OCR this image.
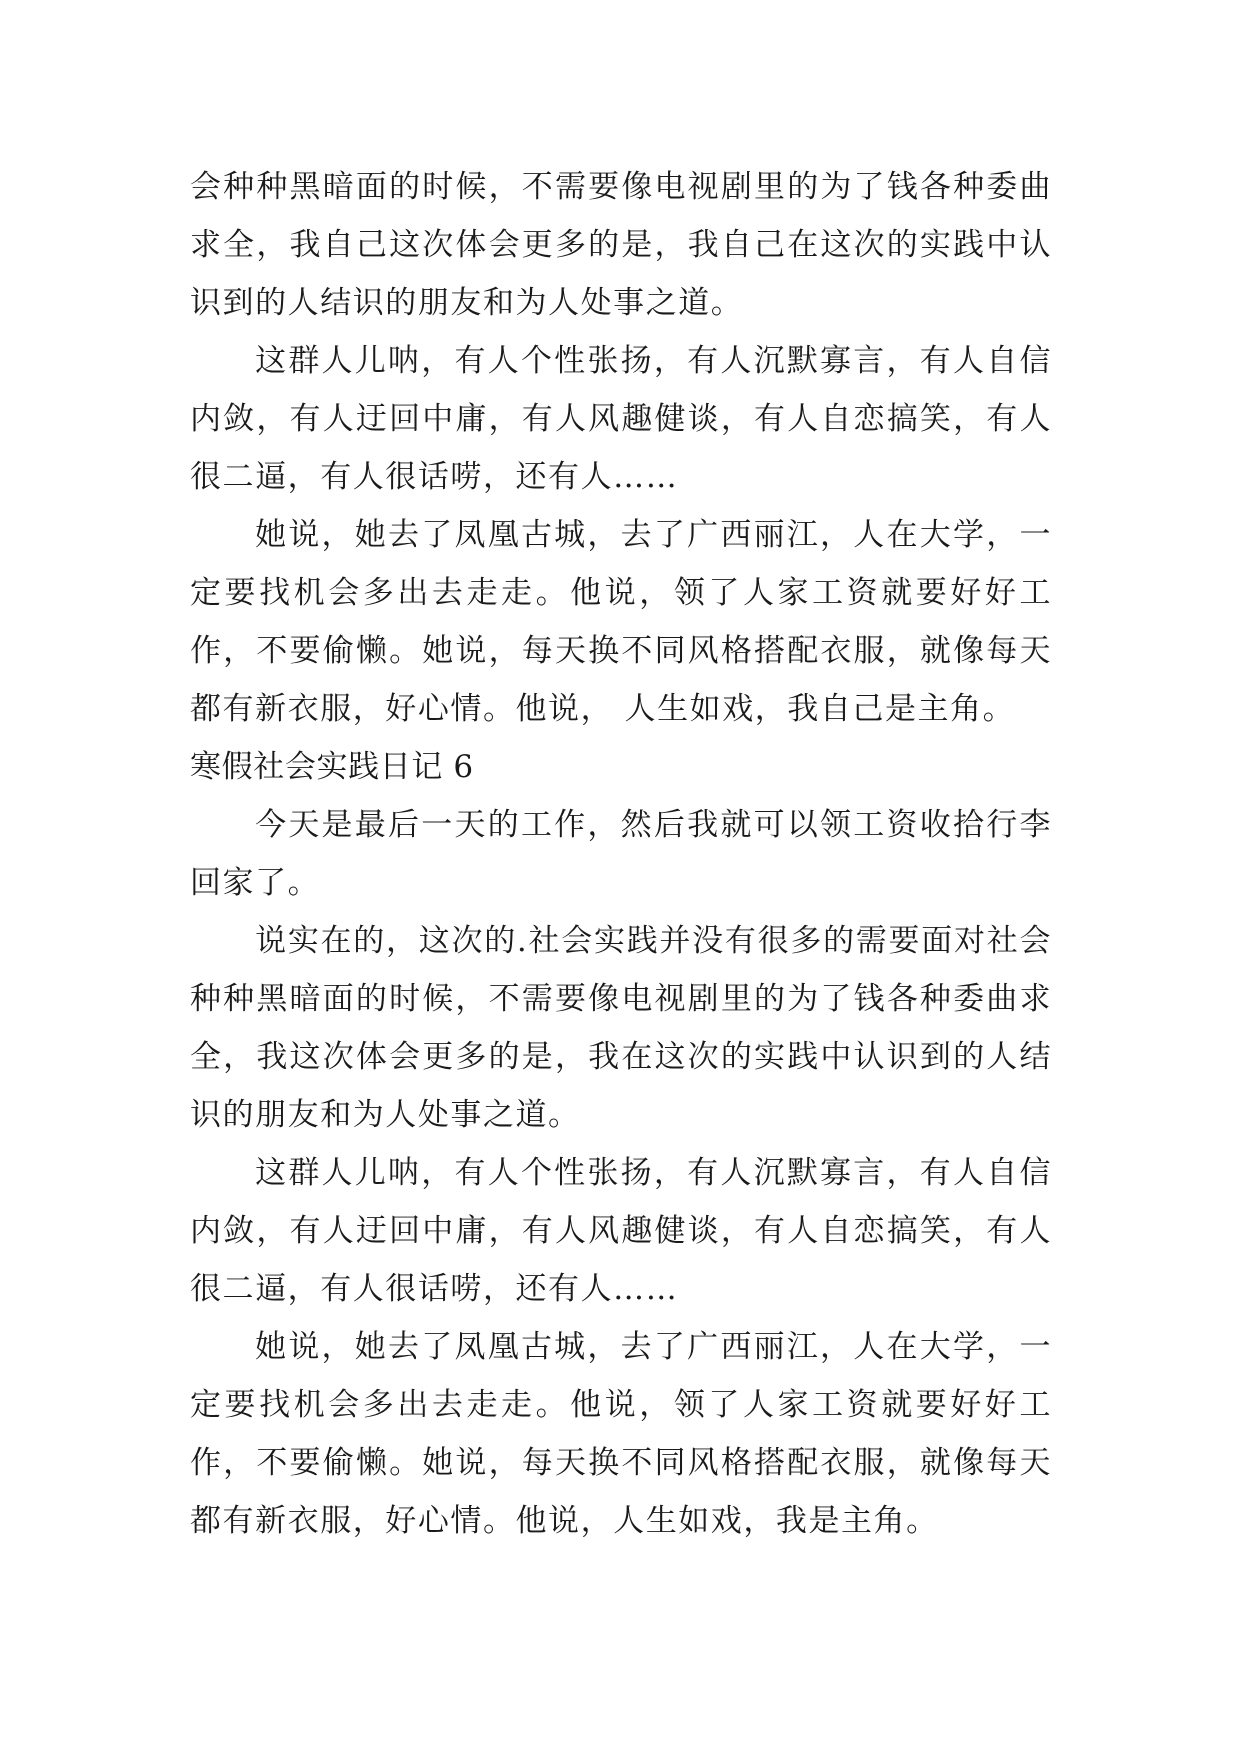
会种种黑暗面的时候，不需要像电视剧里的为了钱各种委曲求全，我自己这次体会更多的是，我自己在这次的实践中认识到的人结识的朋友和为人处事之道。

这群人儿呐，有人个性张扬，有人沉默寡言，有人自信内敛，有人迂回中庸，有人风趣健谈，有人自恋搞笑，有人很二逼，有人很话唠，还有人……

她说，她去了凤凰古城，去了广西丽江，人在大学，一定要找机会多出去走走。他说，领了人家工资就要好好工作，不要偷懒。她说，每天换不同风格搭配衣服，就像每天都有新衣服，好心情。他说， 人生如戏，我自己是主角。

寒假社会实践日记 6

今天是最后一天的工作，然后我就可以领工资收拾行李回家了。

说实在的，这次的.社会实践并没有很多的需要面对社会种种黑暗面的时候，不需要像电视剧里的为了钱各种委曲求全，我这次体会更多的是，我在这次的实践中认识到的人结识的朋友和为人处事之道。

这群人儿呐，有人个性张扬，有人沉默寡言，有人自信内敛，有人迂回中庸，有人风趣健谈，有人自恋搞笑，有人很二逼，有人很话唠，还有人……

她说，她去了凤凰古城，去了广西丽江，人在大学，一定要找机会多出去走走。他说，领了人家工资就要好好工作，不要偷懒。她说，每天换不同风格搭配衣服，就像每天都有新衣服，好心情。他说，人生如戏，我是主角。
